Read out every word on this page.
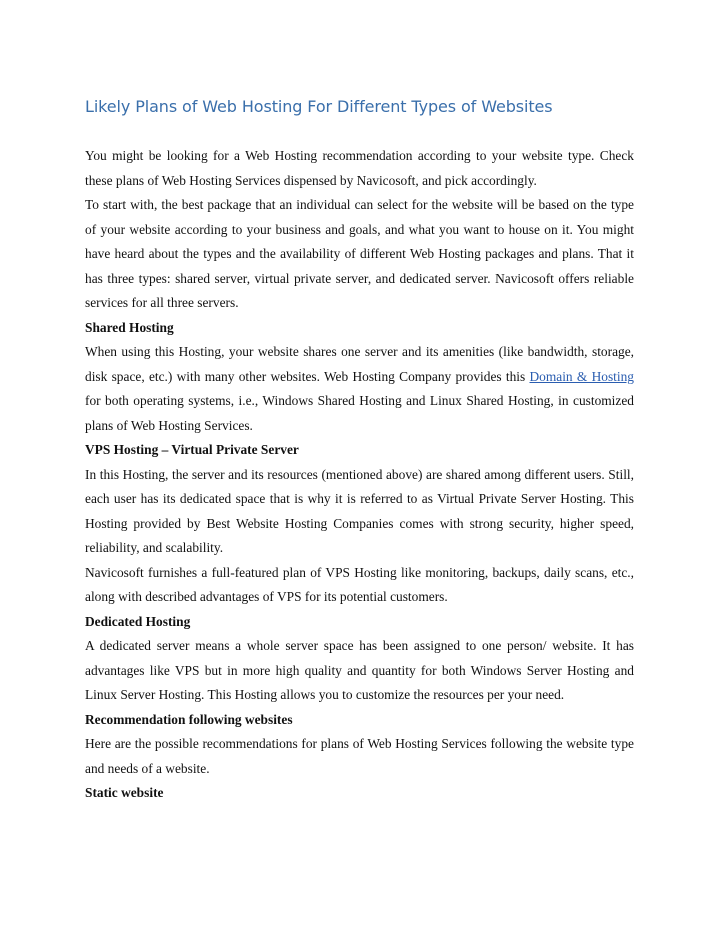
Likely Plans of Web Hosting For Different Types of Websites

You might be looking for a Web Hosting recommendation according to your website type. Check these plans of Web Hosting Services dispensed by Navicosoft, and pick accordingly.

To start with, the best package that an individual can select for the website will be based on the type of your website according to your business and goals, and what you want to house on it. You might have heard about the types and the availability of different Web Hosting packages and plans. That it has three types: shared server, virtual private server, and dedicated server. Navicosoft offers reliable services for all three servers.

Shared Hosting

When using this Hosting, your website shares one server and its amenities (like bandwidth, storage, disk space, etc.) with many other websites. Web Hosting Company provides this Domain & Hosting for both operating systems, i.e., Windows Shared Hosting and Linux Shared Hosting, in customized plans of Web Hosting Services.

VPS Hosting – Virtual Private Server

In this Hosting, the server and its resources (mentioned above) are shared among different users. Still, each user has its dedicated space that is why it is referred to as Virtual Private Server Hosting. This Hosting provided by Best Website Hosting Companies comes with strong security, higher speed, reliability, and scalability.

Navicosoft furnishes a full-featured plan of VPS Hosting like monitoring, backups, daily scans, etc., along with described advantages of VPS for its potential customers.

Dedicated Hosting

A dedicated server means a whole server space has been assigned to one person/ website. It has advantages like VPS but in more high quality and quantity for both Windows Server Hosting and Linux Server Hosting. This Hosting allows you to customize the resources per your need.

Recommendation following websites

Here are the possible recommendations for plans of Web Hosting Services following the website type and needs of a website.

Static website
